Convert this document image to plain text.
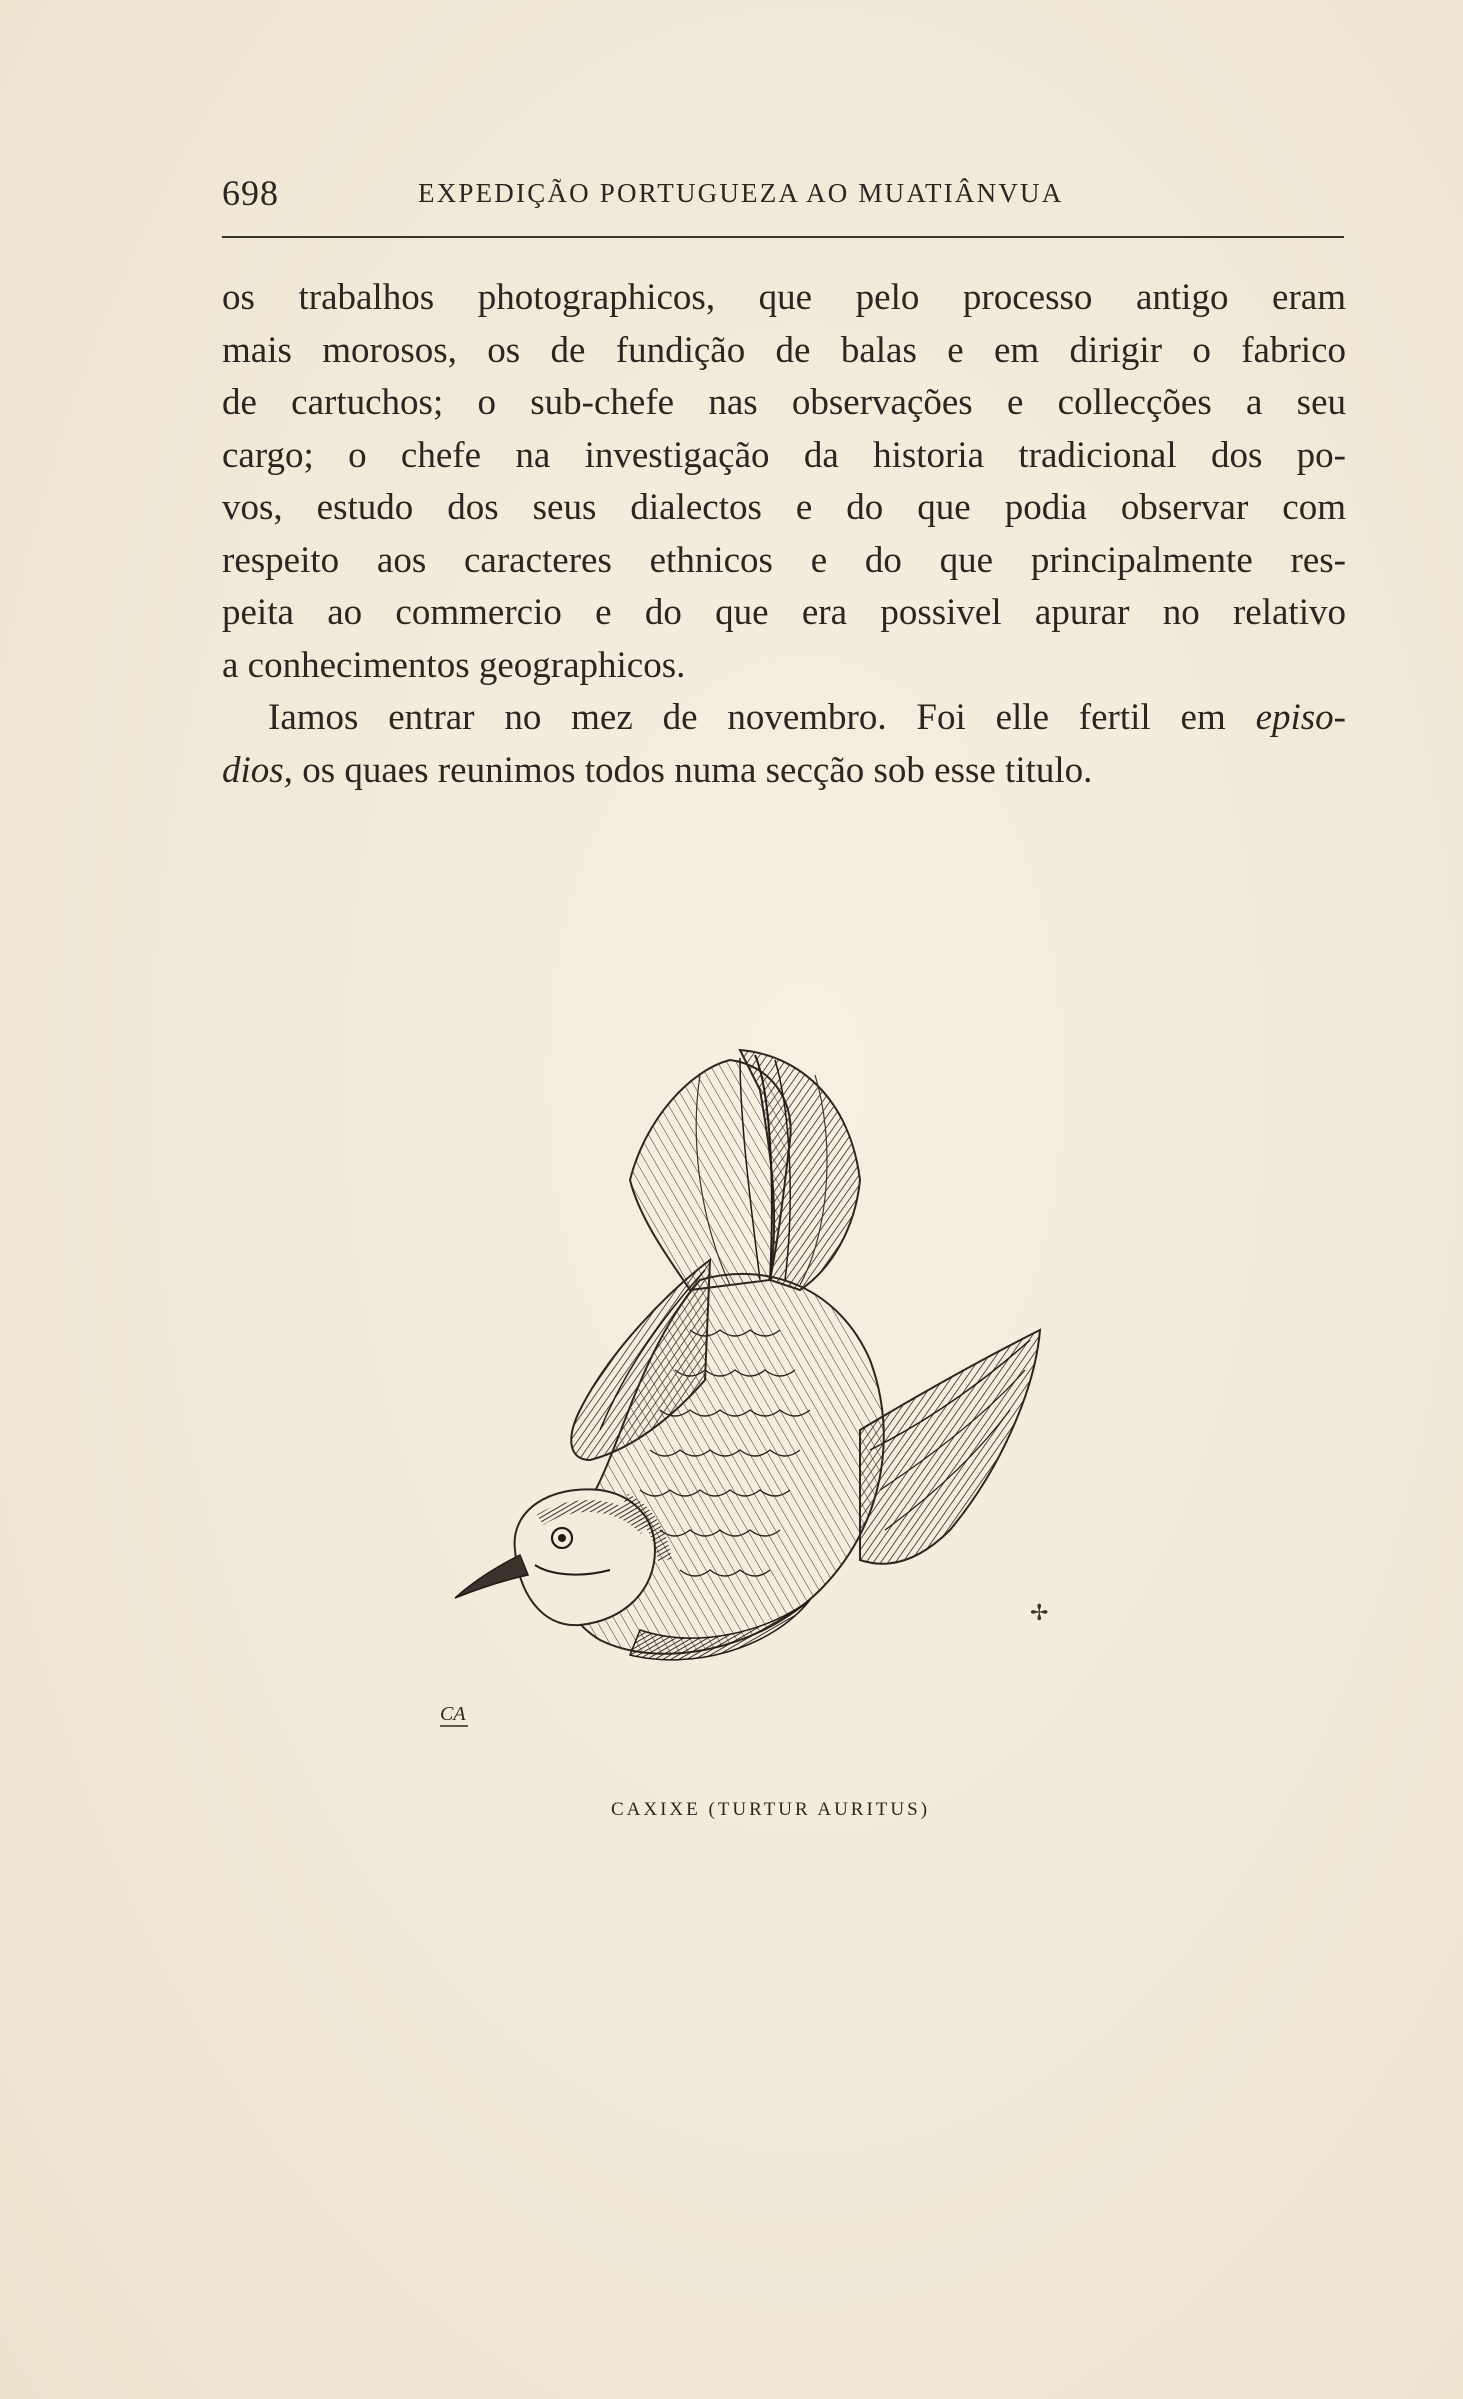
698	EXPEDIÇÃO PORTUGUEZA AO MUATIÂNVUA
os trabalhos photographicos, que pelo processo antigo eram
mais morosos, os de fundição de balas e em dirigir o fabrico
de cartuchos; o sub-chefe nas observações e collecções a seu
cargo; o chefe na investigação da historia tradicional dos po-
vos, estudo dos seus dialectos e do que podia observar com
respeito aos caracteres ethnicos e do que principalmente res-
peita ao commercio e do que era possivel apurar no relativo
a conhecimentos geographicos.
Iamos entrar no mez de novembro. Foi elle fertil em episo-
dios, os quaes reunimos todos numa secção sob esse titulo.
CA
✢
CAXIXE (TURTUR AURITUS)
